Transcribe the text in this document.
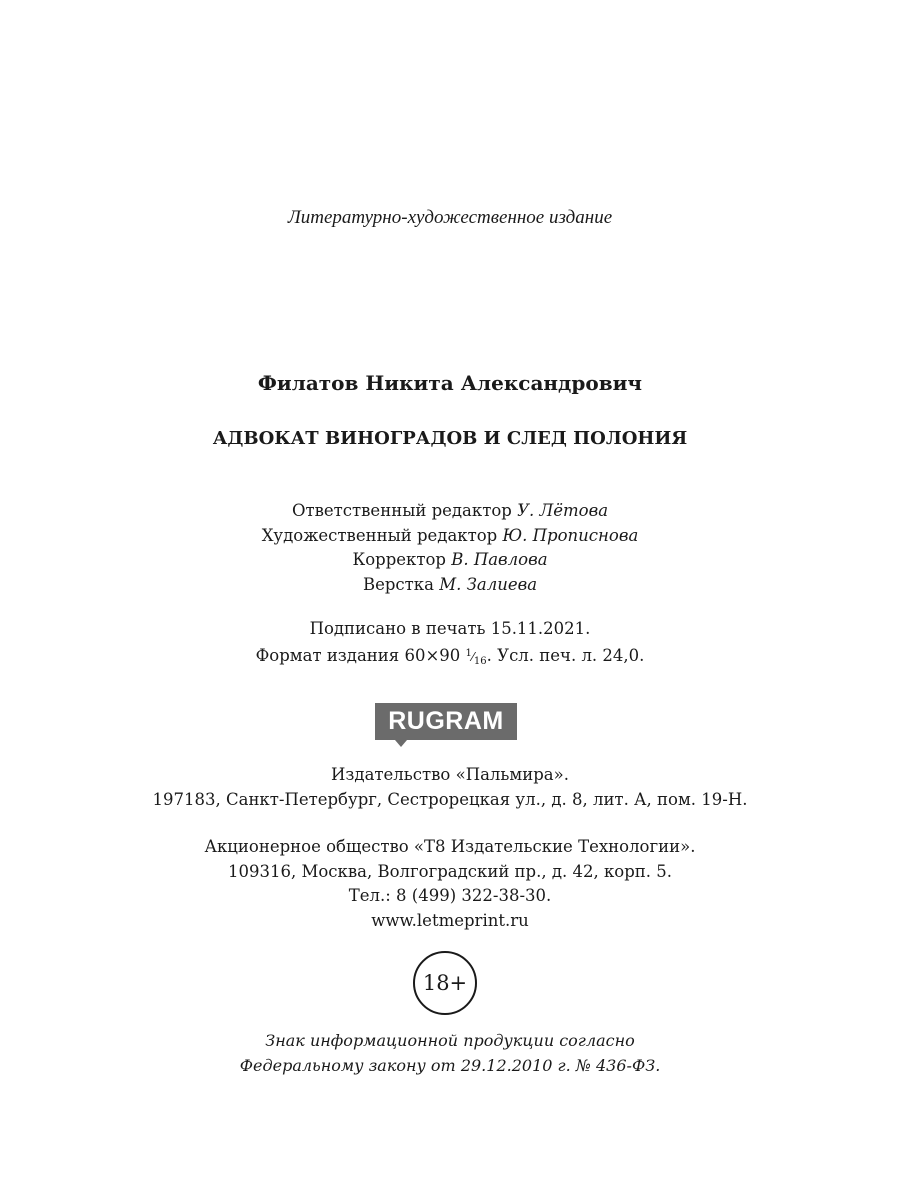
Литературно-художественное издание
Филатов Никита Александрович
АДВОКАТ ВИНОГРАДОВ И СЛЕД ПОЛОНИЯ
Ответственный редактор У. Лётова
Художественный редактор Ю. Прописнова
Корректор В. Павлова
Верстка М. Залиева
Подписано в печать 15.11.2021.
Формат издания 60×90 $^1⁄_{16}$. Усл. печ. л. 24,0.
RUGRAM
Издательство «Пальмира».
197183, Санкт-Петербург, Сестрорецкая ул., д. 8, лит. А, пом. 19-Н.
Акционерное общество «Т8 Издательские Технологии».
109316, Москва, Волгоградский пр., д. 42, корп. 5.
Тел.: 8 (499) 322-38-30.
www.letmeprint.ru
18+
Знак информационной продукции согласно
Федеральному закону от 29.12.2010 г. № 436-ФЗ.
